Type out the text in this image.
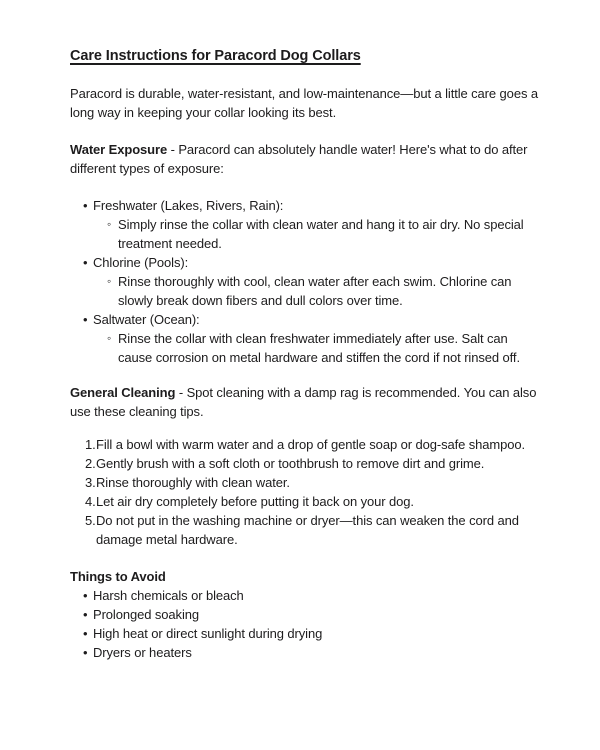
Care Instructions for Paracord Dog Collars

Paracord is durable, water-resistant, and low-maintenance—but a little care goes a long way in keeping your collar looking its best.

Water Exposure - Paracord can absolutely handle water! Here's what to do after different types of exposure:

• Freshwater (Lakes, Rivers, Rain):
◦ Simply rinse the collar with clean water and hang it to air dry. No special treatment needed.
• Chlorine (Pools):
◦ Rinse thoroughly with cool, clean water after each swim. Chlorine can slowly break down fibers and dull colors over time.
• Saltwater (Ocean):
◦ Rinse the collar with clean freshwater immediately after use. Salt can cause corrosion on metal hardware and stiffen the cord if not rinsed off.

General Cleaning - Spot cleaning with a damp rag is recommended. You can also use these cleaning tips.

Fill a bowl with warm water and a drop of gentle soap or dog-safe shampoo.
Gently brush with a soft cloth or toothbrush to remove dirt and grime.
Rinse thoroughly with clean water.
Let air dry completely before putting it back on your dog.
Do not put in the washing machine or dryer—this can weaken the cord and damage metal hardware.

Things to Avoid

• Harsh chemicals or bleach
• Prolonged soaking
• High heat or direct sunlight during drying
• Dryers or heaters
